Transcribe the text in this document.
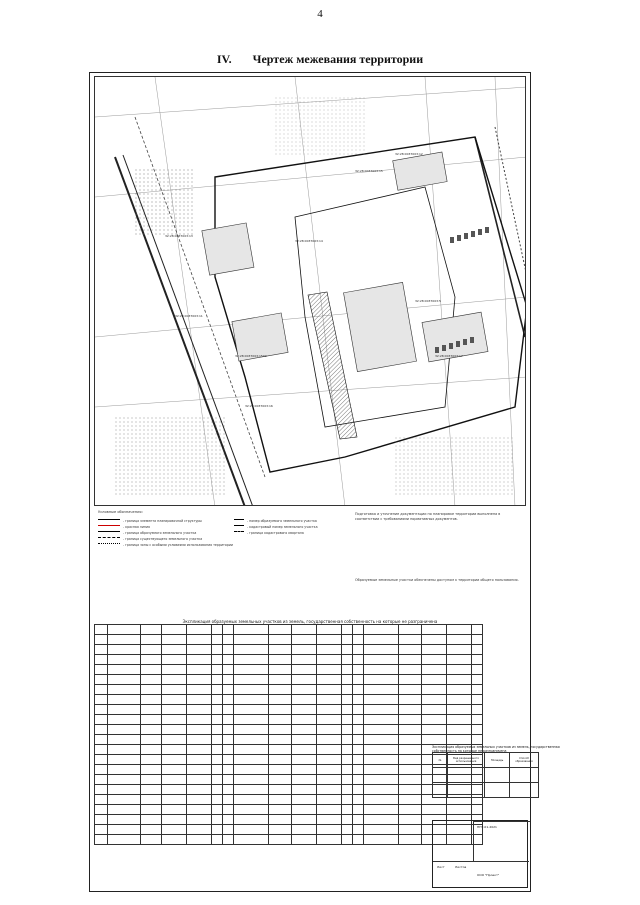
4
IV. Чертеж межевания территории
32:28:0037003:12
32:28:0037003:13
32:28:0037003:14
32:28:0037003:16
32:28:0037003:17
32:28:0037003:5
32:28:0037003:11
32:28:0037003:1509
32:28:0037003:15
Условные обозначения:
- граница элемента планировочной структуры
- красная линия
- граница образуемого земельного участка
- граница существующего земельного участка
- граница зоны с особыми условиями использования территории
- номер образуемого земельного участка
- кадастровый номер земельного участка
- граница кадастрового квартала
Подготовка и уточнение документации по планировке территории выполнена в соответствии с требованиями нормативных документов.
Образуемые земельные участки обеспечены доступом к территории общего пользования.
Экспликация образуемых земельных участков из земель, государственная собственность на которые не разграничена

Экспликация образуемых земельных участков из земель, государственная собственность на которые не разграничена
№	Вид разрешенного использования	Площадь	Способ образования

ППТ-01-2021
ООО "Проект"
Лист	Листов
